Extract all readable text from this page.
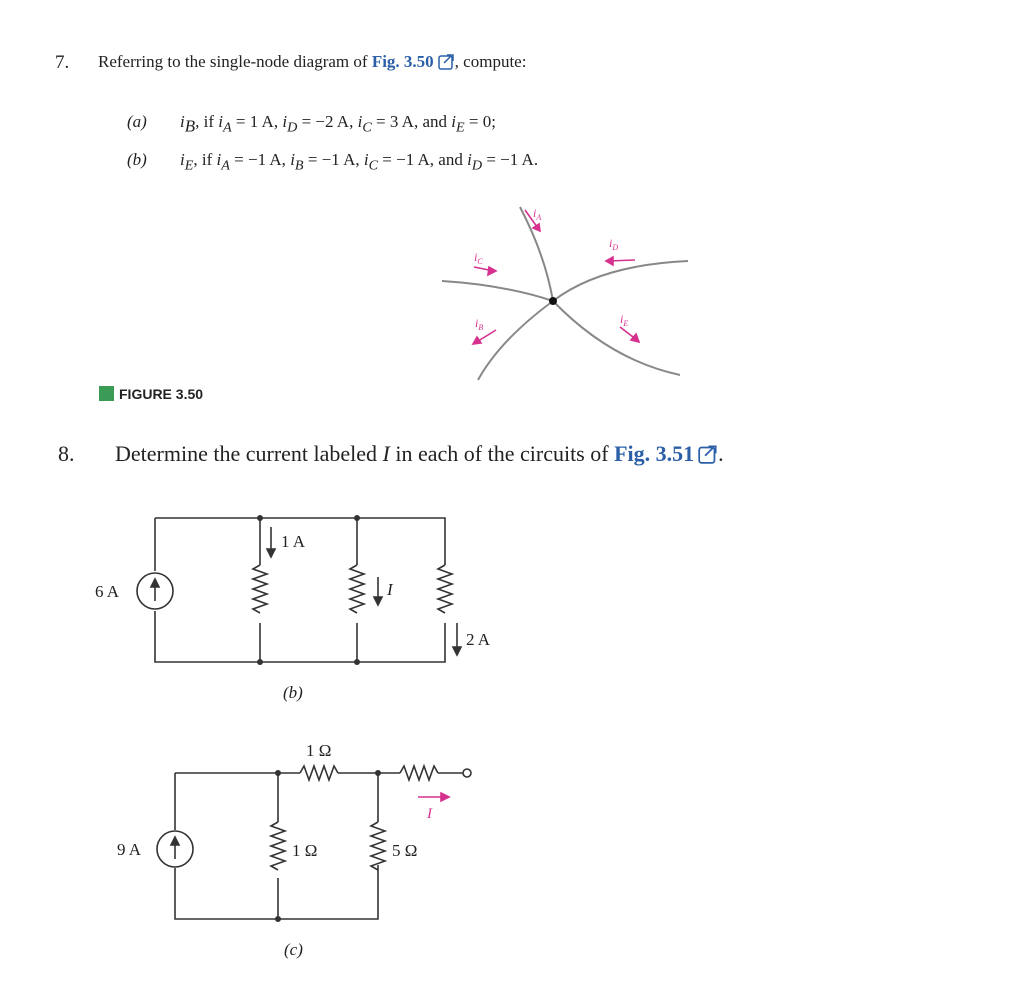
7. Referring to the single-node diagram of Fig. 3.50 , compute:
(a) $i_B$, if $i_A = 1$ A, $i_D = -2$ A, $i_C = 3$ A, and $i_E = 0$;
(b) $i_E$, if $i_A = -1$ A, $i_B = -1$ A, $i_C = -1$ A, and $i_D = -1$ A.
$i_A$
$i_D$
$i_C$
$i_B$
$i_E$
FIGURE 3.50
8. Determine the current labeled I in each of the circuits of Fig. 3.51 .
6 A
1 A
I
2 A
(b)
1 Ω
1 Ω	5 Ω
9 A
I
(c)
